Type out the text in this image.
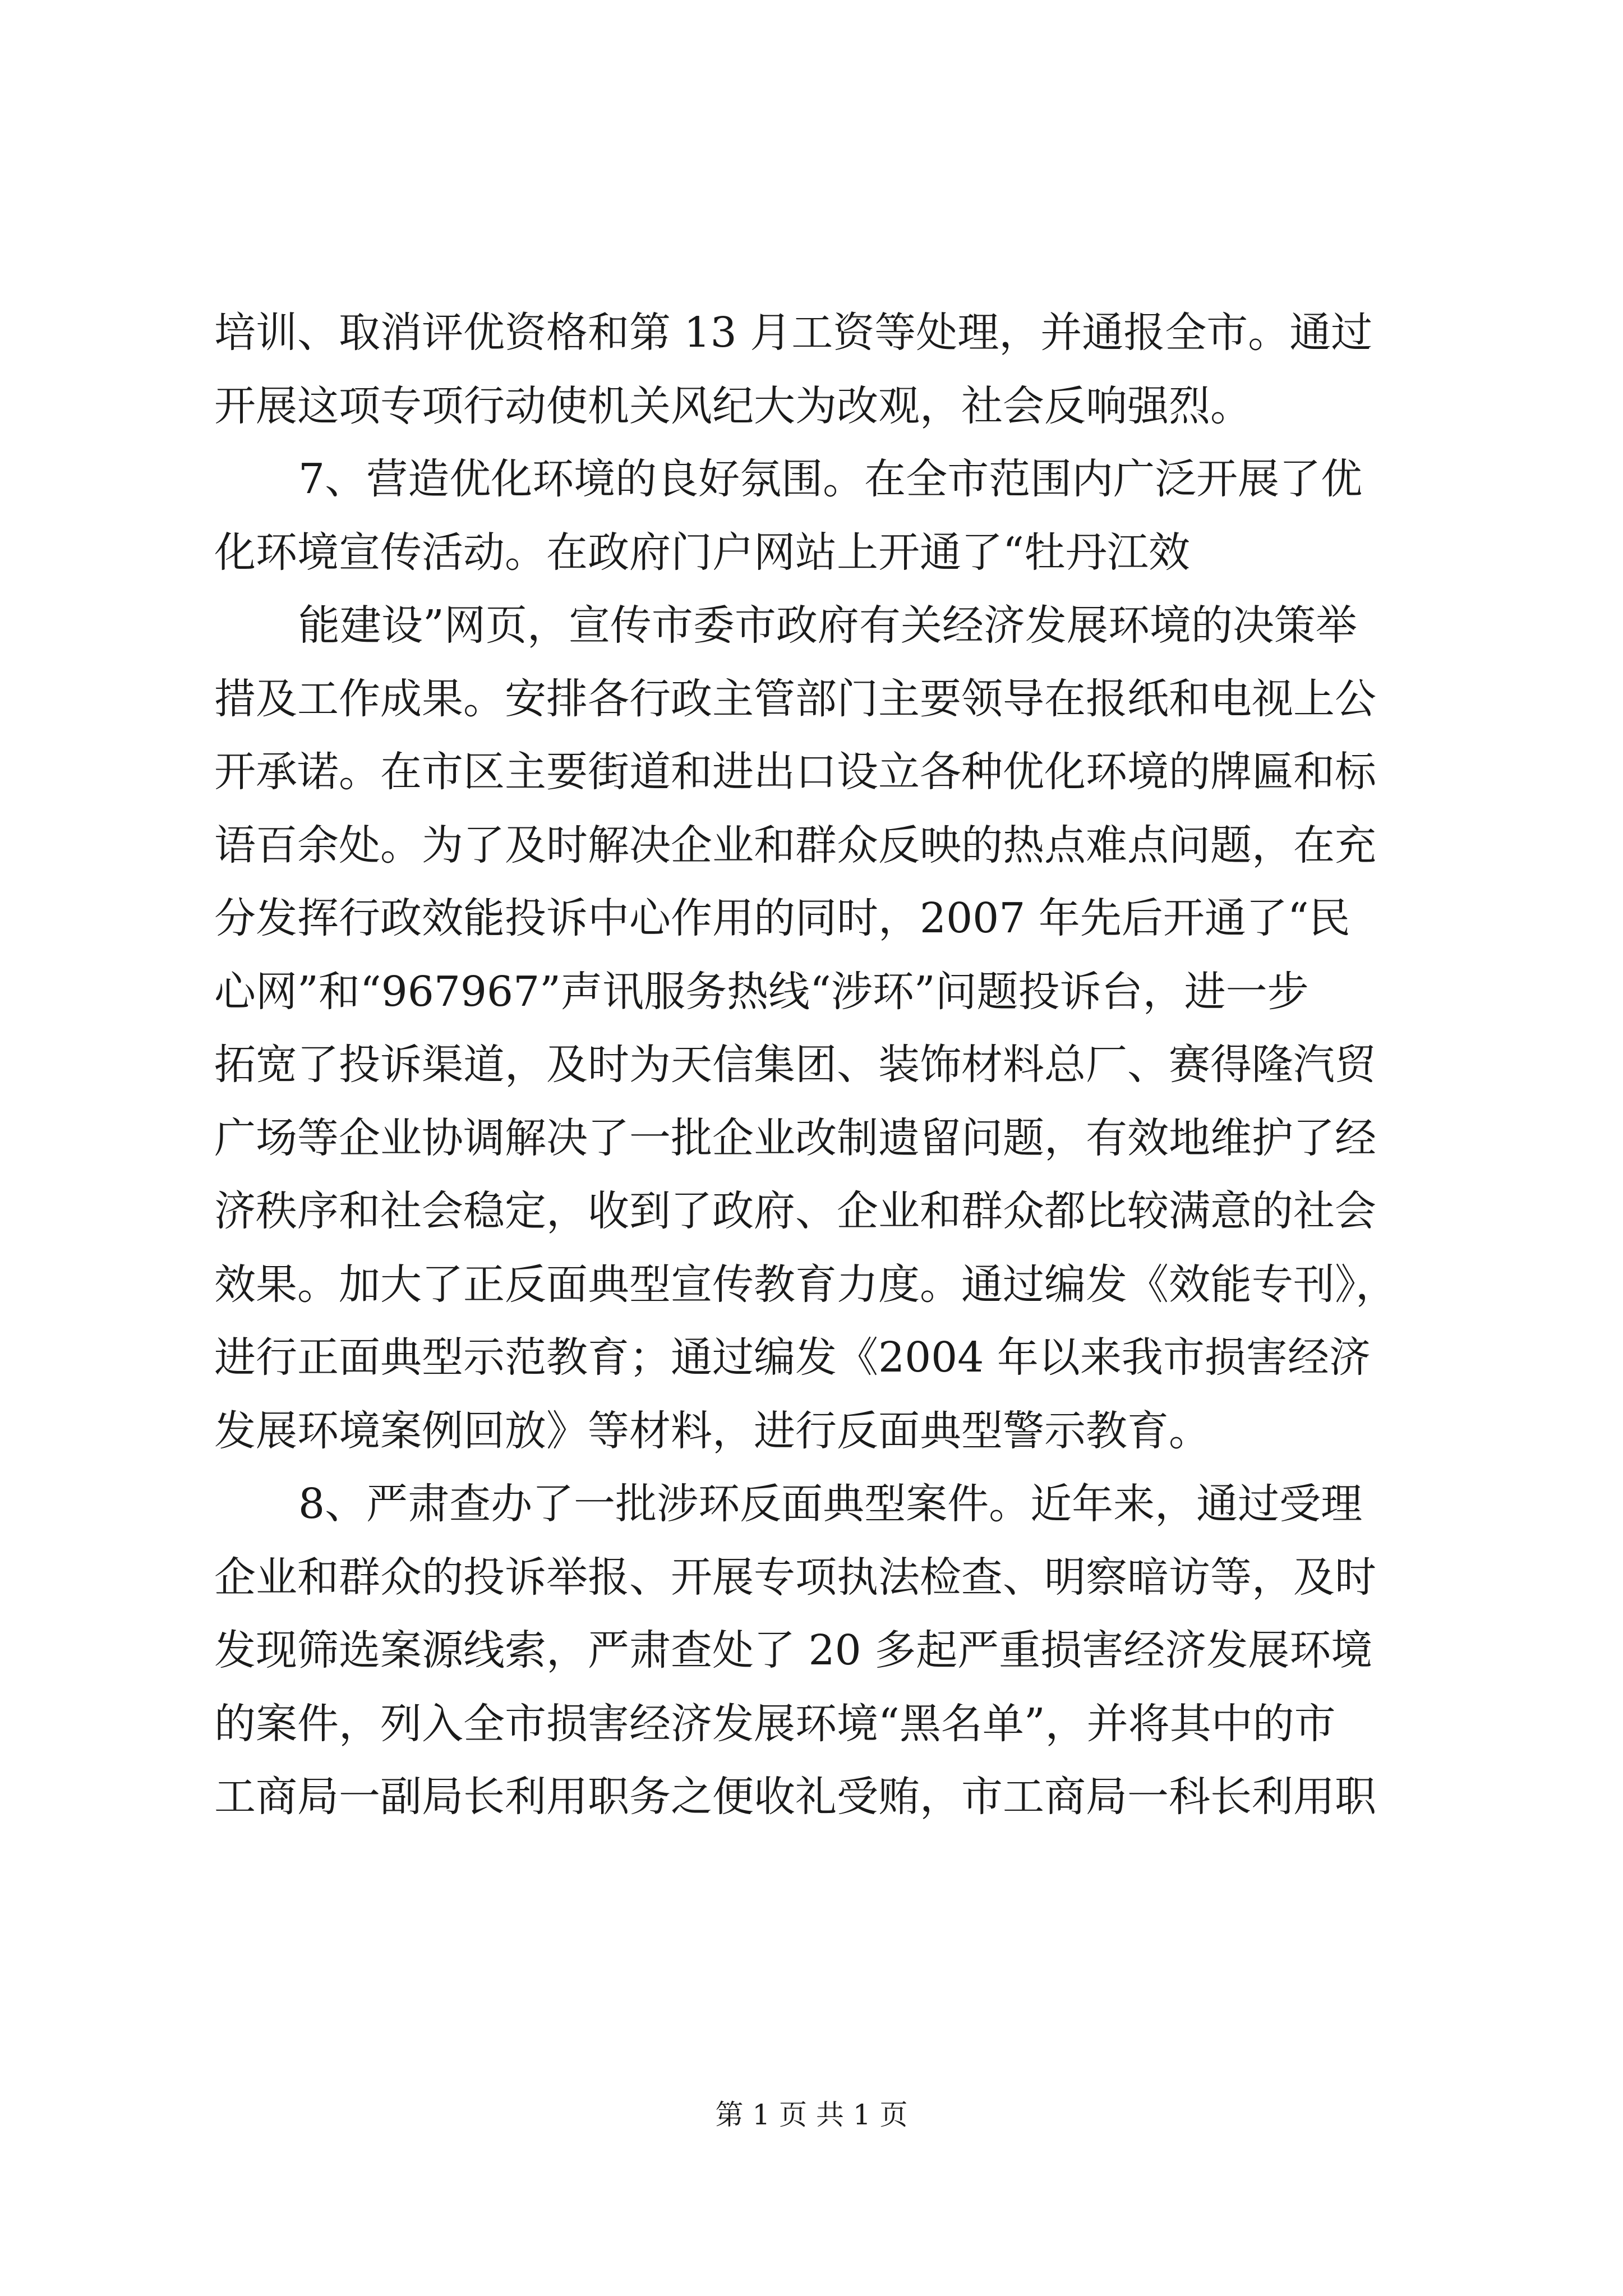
培训、取消评优资格和第 13 月工资等处理，并通报全市。通过
开展这项专项行动使机关风纪大为改观，社会反响强烈。
7、营造优化环境的良好氛围。在全市范围内广泛开展了优
化环境宣传活动。在政府门户网站上开通了“牡丹江效
能建设”网页，宣传市委市政府有关经济发展环境的决策举
措及工作成果。安排各行政主管部门主要领导在报纸和电视上公
开承诺。在市区主要街道和进出口设立各种优化环境的牌匾和标
语百余处。为了及时解决企业和群众反映的热点难点问题，在充
分发挥行政效能投诉中心作用的同时，2007 年先后开通了“民
心网”和“967967”声讯服务热线“涉环”问题投诉台，进一步
拓宽了投诉渠道，及时为天信集团、装饰材料总厂、赛得隆汽贸
广场等企业协调解决了一批企业改制遗留问题，有效地维护了经
济秩序和社会稳定，收到了政府、企业和群众都比较满意的社会
效果。加大了正反面典型宣传教育力度。通过编发《效能专刊》，
进行正面典型示范教育；通过编发《2004 年以来我市损害经济
发展环境案例回放》等材料，进行反面典型警示教育。
8、严肃查办了一批涉环反面典型案件。近年来，通过受理
企业和群众的投诉举报、开展专项执法检查、明察暗访等，及时
发现筛选案源线索，严肃查处了 20 多起严重损害经济发展环境
的案件，列入全市损害经济发展环境“黑名单”，并将其中的市
工商局一副局长利用职务之便收礼受贿，市工商局一科长利用职
第 1 页 共 1 页
